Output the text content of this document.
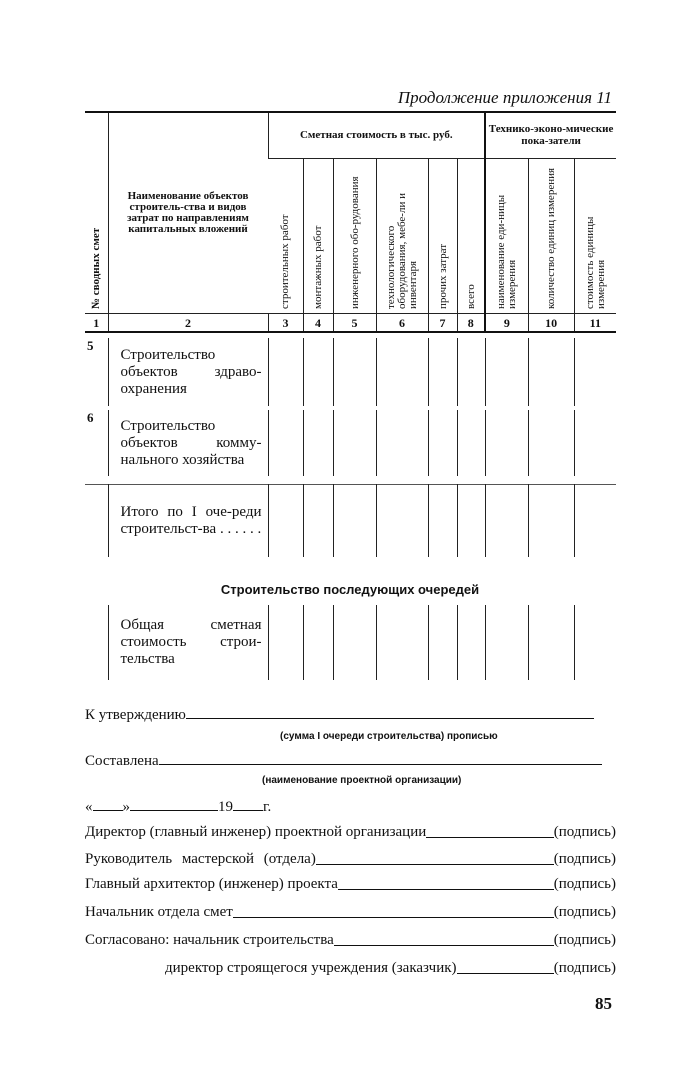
Продолжение приложения 11
№ сводных смет	Наименование объектов строитель-ства и видов затрат по направлениям капитальных вложений	Сметная стоимость в тыс. руб.						Технико-эконо-мические пока-затели		

строительных работ	монтажных работ	инженерного обо-рудования	технологического оборудования, мебе-ли и инвентаря	прочих затрат	всего	наименование еди-ницы измерения	количество единиц измерения	стоимость единицы измерения

1	2	3	4	5	6	7	8	9	10	11
5	Строительство объектов здраво-охранения									
6	Строительство объектов комму-нального хозяйства									
	Итого по I оче-реди строительст-ва . . . . . .									
Строительство последующих очередей
	Общая сметная стоимость строи-тельства									
К утверждению
(сумма I очереди строительства) прописью
Составлена
(наименование проектной организации)
« »	19 г.
Директор (главный инженер) проектной организации	(подпись)
Руководитель мастерской (отдела)	(подпись)
Главный архитектор (инженер) проекта	(подпись)
Начальник отдела смет	(подпись)
Согласовано: начальник строительства	(подпись)
директор строящегося учреждения (заказчик)	(подпись)
85
